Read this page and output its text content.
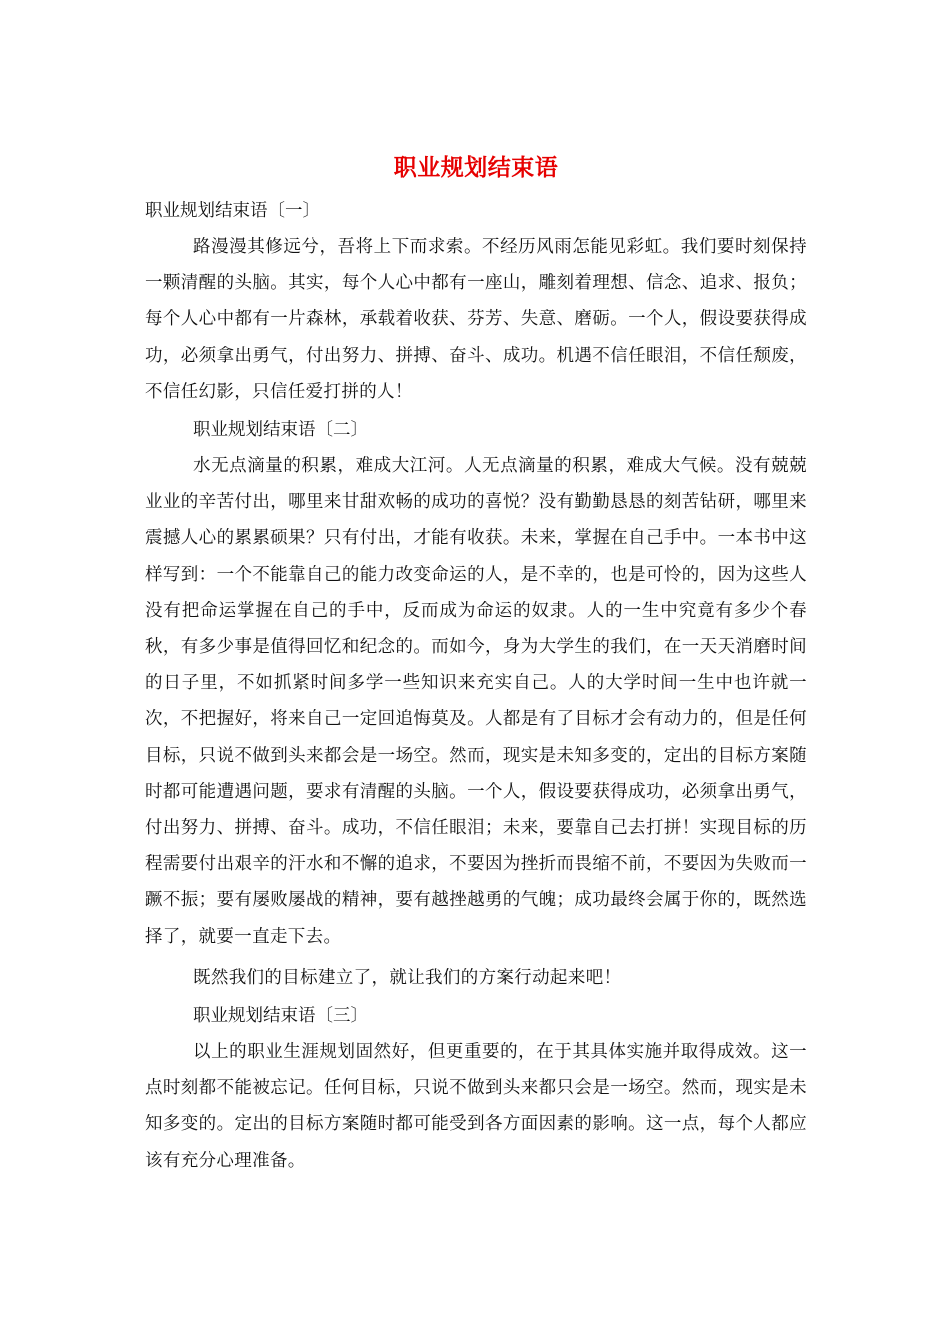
职业规划结束语

职业规划结束语〔一〕

路漫漫其修远兮，吾将上下而求索。不经历风雨怎能见彩虹。我们要时刻保持一颗清醒的头脑。其实，每个人心中都有一座山，雕刻着理想、信念、追求、报负；每个人心中都有一片森林，承载着收获、芬芳、失意、磨砺。一个人，假设要获得成功，必须拿出勇气，付出努力、拼搏、奋斗、成功。机遇不信任眼泪，不信任颓废，不信任幻影，只信任爱打拼的人！

职业规划结束语〔二〕

水无点滴量的积累，难成大江河。人无点滴量的积累，难成大气候。没有兢兢业业的辛苦付出，哪里来甘甜欢畅的成功的喜悦？没有勤勤恳恳的刻苦钻研，哪里来震撼人心的累累硕果？只有付出，才能有收获。未来，掌握在自己手中。一本书中这样写到：一个不能靠自己的能力改变命运的人，是不幸的，也是可怜的，因为这些人没有把命运掌握在自己的手中，反而成为命运的奴隶。人的一生中究竟有多少个春秋，有多少事是值得回忆和纪念的。而如今，身为大学生的我们，在一天天消磨时间的日子里，不如抓紧时间多学一些知识来充实自己。人的大学时间一生中也许就一次，不把握好，将来自己一定回追悔莫及。人都是有了目标才会有动力的，但是任何目标，只说不做到头来都会是一场空。然而，现实是未知多变的，定出的目标方案随时都可能遭遇问题，要求有清醒的头脑。一个人，假设要获得成功，必须拿出勇气，付出努力、拼搏、奋斗。成功，不信任眼泪；未来，要靠自己去打拼！实现目标的历程需要付出艰辛的汗水和不懈的追求，不要因为挫折而畏缩不前，不要因为失败而一蹶不振；要有屡败屡战的精神，要有越挫越勇的气魄；成功最终会属于你的，既然选择了，就要一直走下去。

既然我们的目标建立了，就让我们的方案行动起来吧！

职业规划结束语〔三〕

以上的职业生涯规划固然好，但更重要的，在于其具体实施并取得成效。这一点时刻都不能被忘记。任何目标，只说不做到头来都只会是一场空。然而，现实是未知多变的。定出的目标方案随时都可能受到各方面因素的影响。这一点，每个人都应该有充分心理准备。
